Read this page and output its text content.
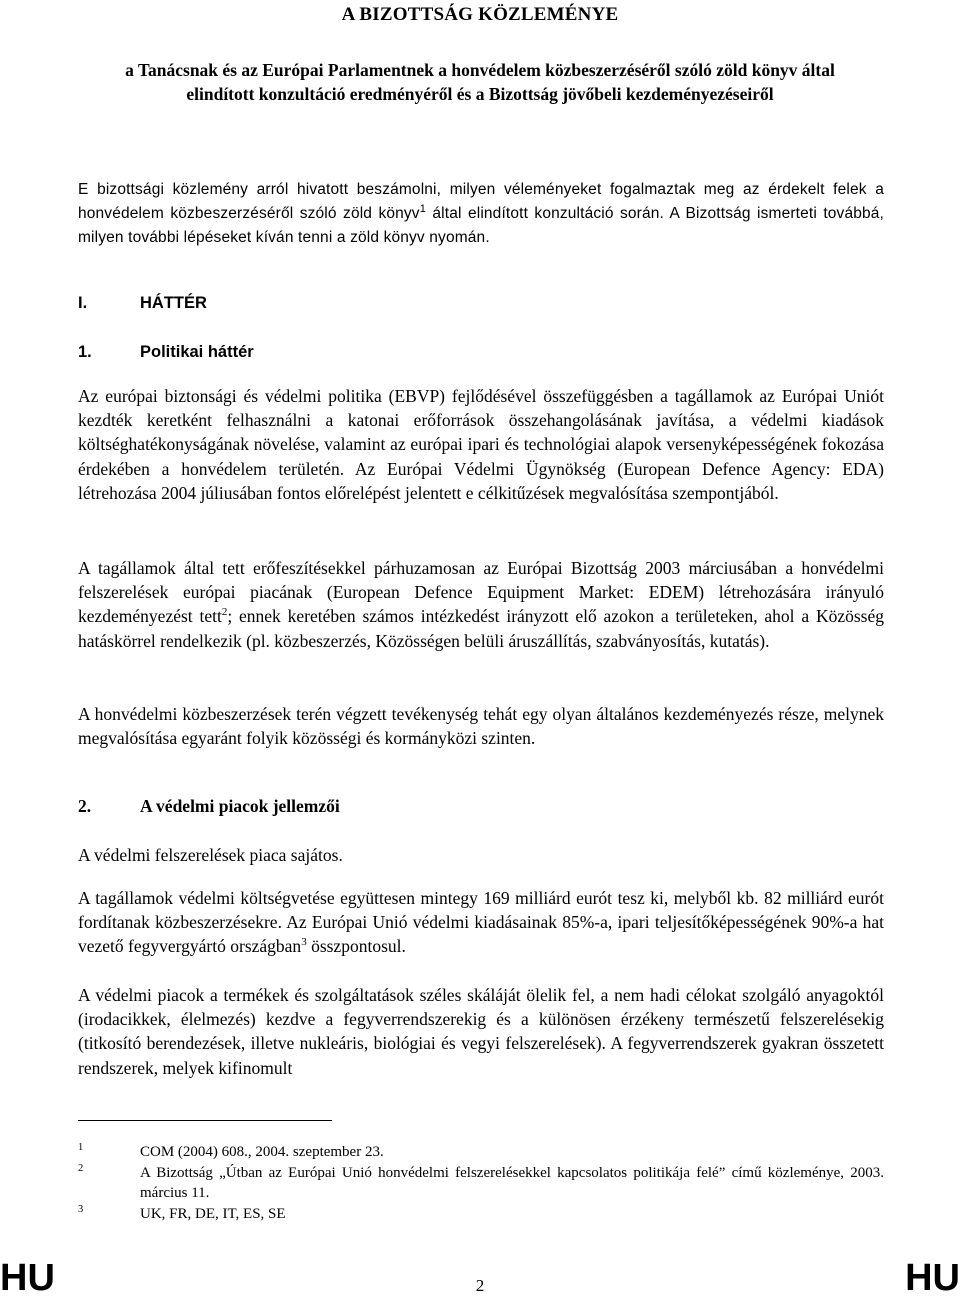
A BIZOTTSÁG KÖZLEMÉNYE
a Tanácsnak és az Európai Parlamentnek a honvédelem közbeszerzéséről szóló zöld könyv által elindított konzultáció eredményéről és a Bizottság jövőbeli kezdeményezéseiről
E bizottsági közlemény arról hivatott beszámolni, milyen véleményeket fogalmaztak meg az érdekelt felek a honvédelem közbeszerzéséről szóló zöld könyv$^1$ által elindított konzultáció során. A Bizottság ismerteti továbbá, milyen további lépéseket kíván tenni a zöld könyv nyomán.
I.	HÁTTÉR
1.	Politikai háttér
Az európai biztonsági és védelmi politika (EBVP) fejlődésével összefüggésben a tagállamok az Európai Uniót kezdték keretként felhasználni a katonai erőforrások összehangolásának javítása, a védelmi kiadások költséghatékonyságának növelése, valamint az európai ipari és technológiai alapok versenyképességének fokozása érdekében a honvédelem területén. Az Európai Védelmi Ügynökség (European Defence Agency: EDA) létrehozása 2004 júliusában fontos előrelépést jelentett e célkitűzések megvalósítása szempontjából.
A tagállamok által tett erőfeszítésekkel párhuzamosan az Európai Bizottság 2003 márciusában a honvédelmi felszerelések európai piacának (European Defence Equipment Market: EDEM) létrehozására irányuló kezdeményezést tett$^2$; ennek keretében számos intézkedést irányzott elő azokon a területeken, ahol a Közösség hatáskörrel rendelkezik (pl. közbeszerzés, Közösségen belüli áruszállítás, szabványosítás, kutatás).
A honvédelmi közbeszerzések terén végzett tevékenység tehát egy olyan általános kezdeményezés része, melynek megvalósítása egyaránt folyik közösségi és kormányközi szinten.
2.	A védelmi piacok jellemzői
A védelmi felszerelések piaca sajátos.
A tagállamok védelmi költségvetése együttesen mintegy 169 milliárd eurót tesz ki, melyből kb. 82 milliárd eurót fordítanak közbeszerzésekre. Az Európai Unió védelmi kiadásainak 85%-a, ipari teljesítőképességének 90%-a hat vezető fegyvergyártó országban$^3$ összpontosul.
A védelmi piacok a termékek és szolgáltatások széles skáláját ölelik fel, a nem hadi célokat szolgáló anyagoktól (irodacikkek, élelmezés) kezdve a fegyverrendszerekig és a különösen érzékeny természetű felszerelésekig (titkosító berendezések, illetve nukleáris, biológiai és vegyi felszerelések). A fegyverrendszerek gyakran összetett rendszerek, melyek kifinomult
1	COM (2004) 608., 2004. szeptember 23.
2	A Bizottság „Útban az Európai Unió honvédelmi felszerelésekkel kapcsolatos politikája felé” című közleménye, 2003. március 11.
3	UK, FR, DE, IT, ES, SE
HU	2	HU
